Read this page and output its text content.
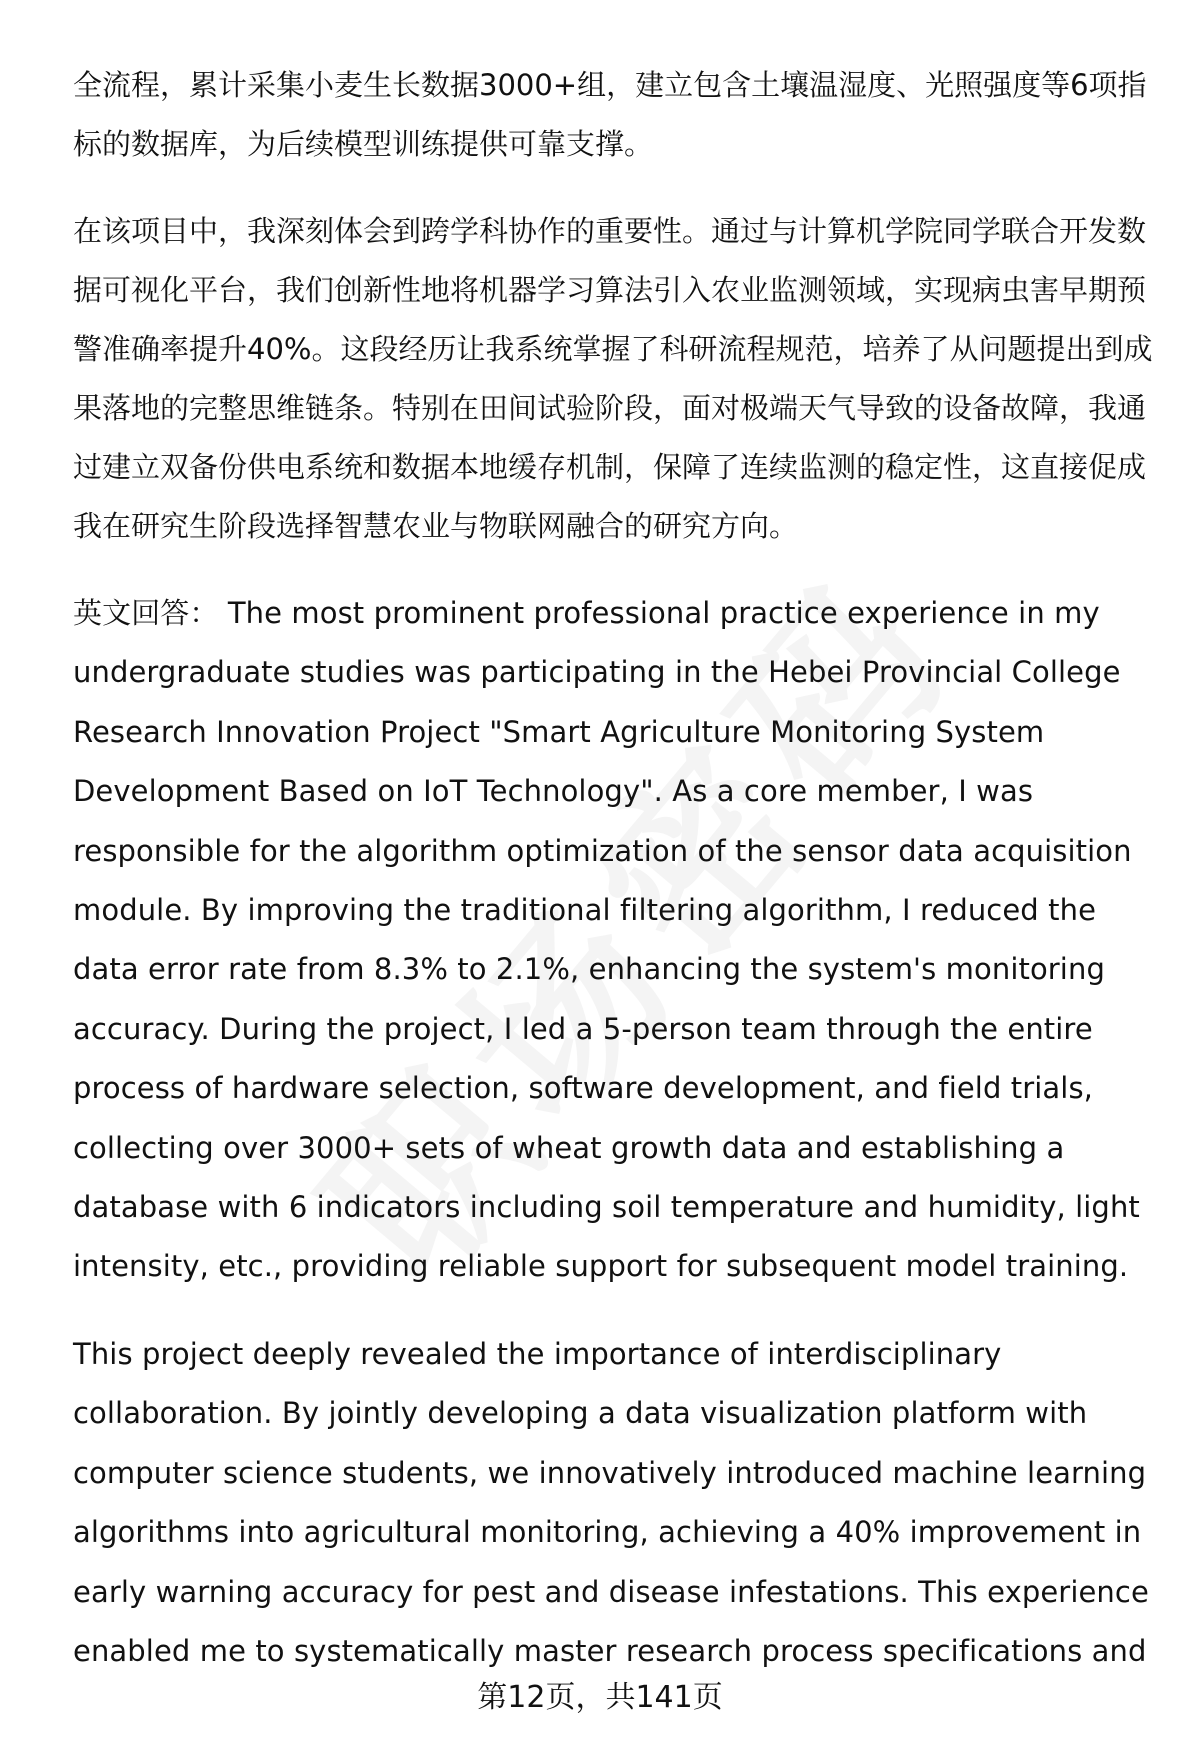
全流程，累计采集小麦生长数据3000+组，建立包含土壤温湿度、光照强度等6项指标的数据库，为后续模型训练提供可靠支撑。

在该项目中，我深刻体会到跨学科协作的重要性。通过与计算机学院同学联合开发数据可视化平台，我们创新性地将机器学习算法引入农业监测领域，实现病虫害早期预警准确率提升40%。这段经历让我系统掌握了科研流程规范，培养了从问题提出到成果落地的完整思维链条。特别在田间试验阶段，面对极端天气导致的设备故障，我通过建立双备份供电系统和数据本地缓存机制，保障了连续监测的稳定性，这直接促成我在研究生阶段选择智慧农业与物联网融合的研究方向。

英文回答： The most prominent professional practice experience in my undergraduate studies was participating in the Hebei Provincial College Research Innovation Project "Smart Agriculture Monitoring System Development Based on IoT Technology". As a core member, I was responsible for the algorithm optimization of the sensor data acquisition module. By improving the traditional filtering algorithm, I reduced the data error rate from 8.3% to 2.1%, enhancing the system's monitoring accuracy. During the project, I led a 5-person team through the entire process of hardware selection, software development, and field trials, collecting over 3000+ sets of wheat growth data and establishing a database with 6 indicators including soil temperature and humidity, light intensity, etc., providing reliable support for subsequent model training.

This project deeply revealed the importance of interdisciplinary collaboration. By jointly developing a data visualization platform with computer science students, we innovatively introduced machine learning algorithms into agricultural monitoring, achieving a 40% improvement in early warning accuracy for pest and disease infestations. This experience enabled me to systematically master research process specifications and

第12页，共141页
